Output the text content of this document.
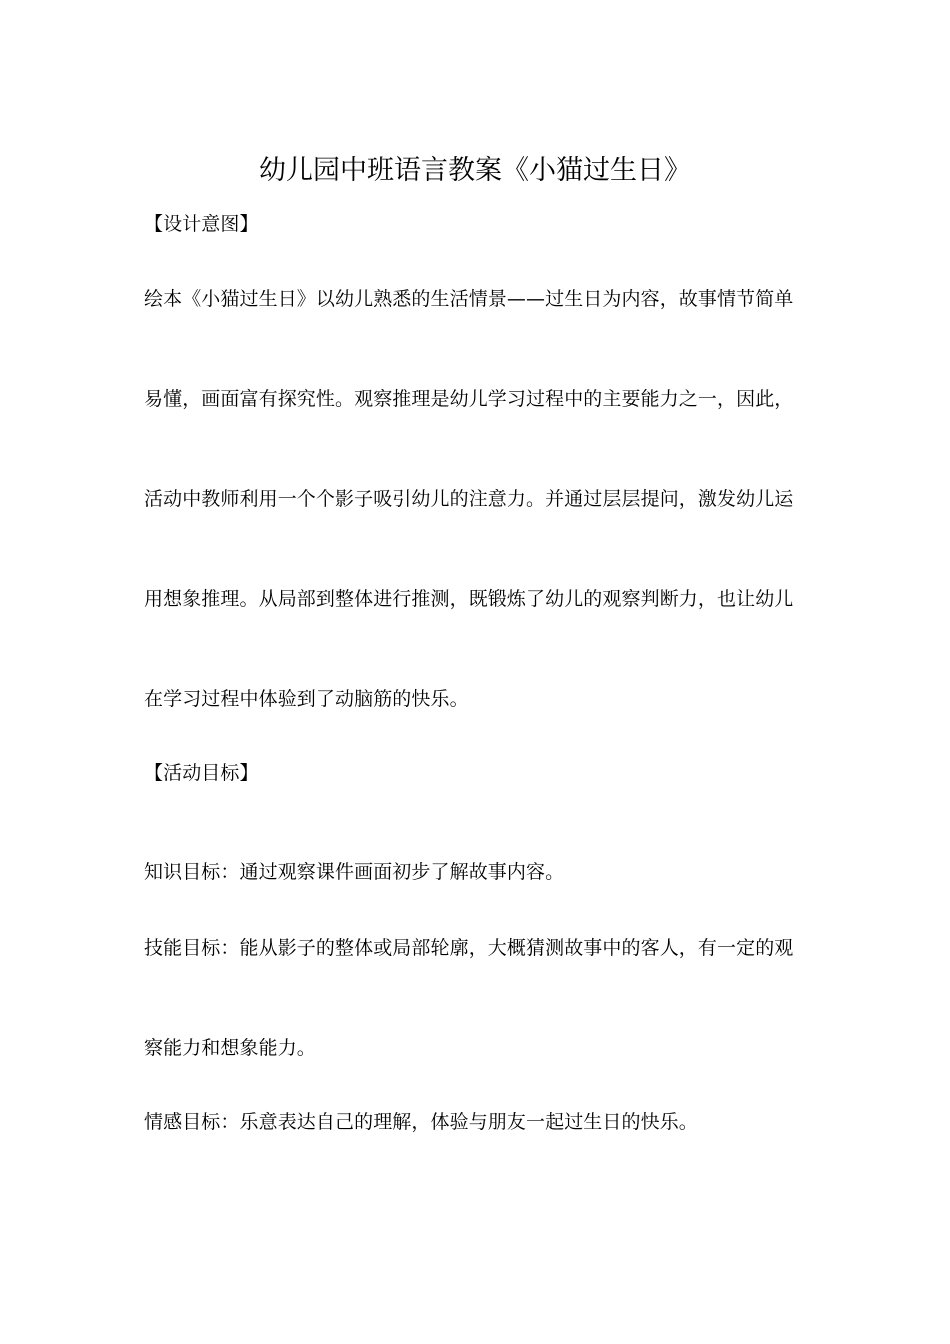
幼儿园中班语言教案《小猫过生日》
【设计意图】
绘本《小猫过生日》以幼儿熟悉的生活情景——过生日为内容，故事情节简单
易懂，画面富有探究性。观察推理是幼儿学习过程中的主要能力之一，因此，
活动中教师利用一个个影子吸引幼儿的注意力。并通过层层提问，激发幼儿运
用想象推理。从局部到整体进行推测，既锻炼了幼儿的观察判断力，也让幼儿
在学习过程中体验到了动脑筋的快乐。
【活动目标】
知识目标：通过观察课件画面初步了解故事内容。
技能目标：能从影子的整体或局部轮廓，大概猜测故事中的客人，有一定的观
察能力和想象能力。
情感目标：乐意表达自己的理解，体验与朋友一起过生日的快乐。
